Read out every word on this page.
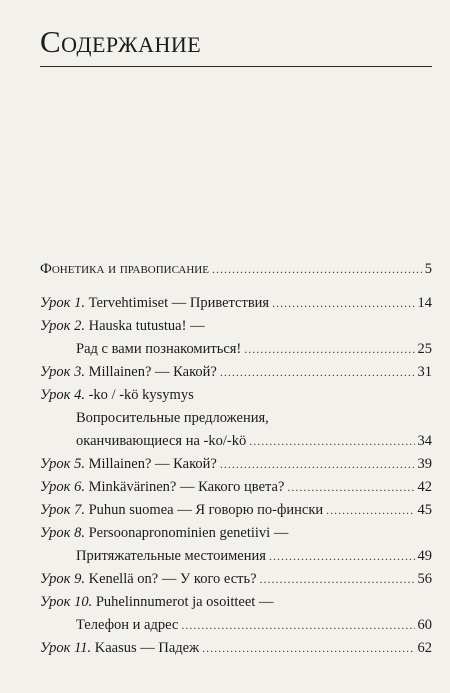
Содержание
Фонетика и правописание . . .	5
Урок 1. Tervehtimiset — Приветствия . . .	14
Урок 2. Hauska tutustua! —
Рад с вами познакомиться! . . .	25
Урок 3. Millainen? — Какой? . . .	31
Урок 4. -ko / -kö kysymys
Вопросительные предложения,
оканчивающиеся на -ko/-kö . . .	34
Урок 5. Millainen? — Какой? . . .	39
Урок 6. Minkävärinen? — Какого цвета? . . .	42
Урок 7. Puhun suomea — Я говорю по-фински . . .	45
Урок 8. Persoonapronominien genetiivi —
Притяжательные местоимения . . .	49
Урок 9. Kenellä on? — У кого есть? . . .	56
Урок 10. Puhelinnumerot ja osoitteet —
Телефон и адрес . . .	60
Урок 11. Kaasus — Падеж . . .	62
